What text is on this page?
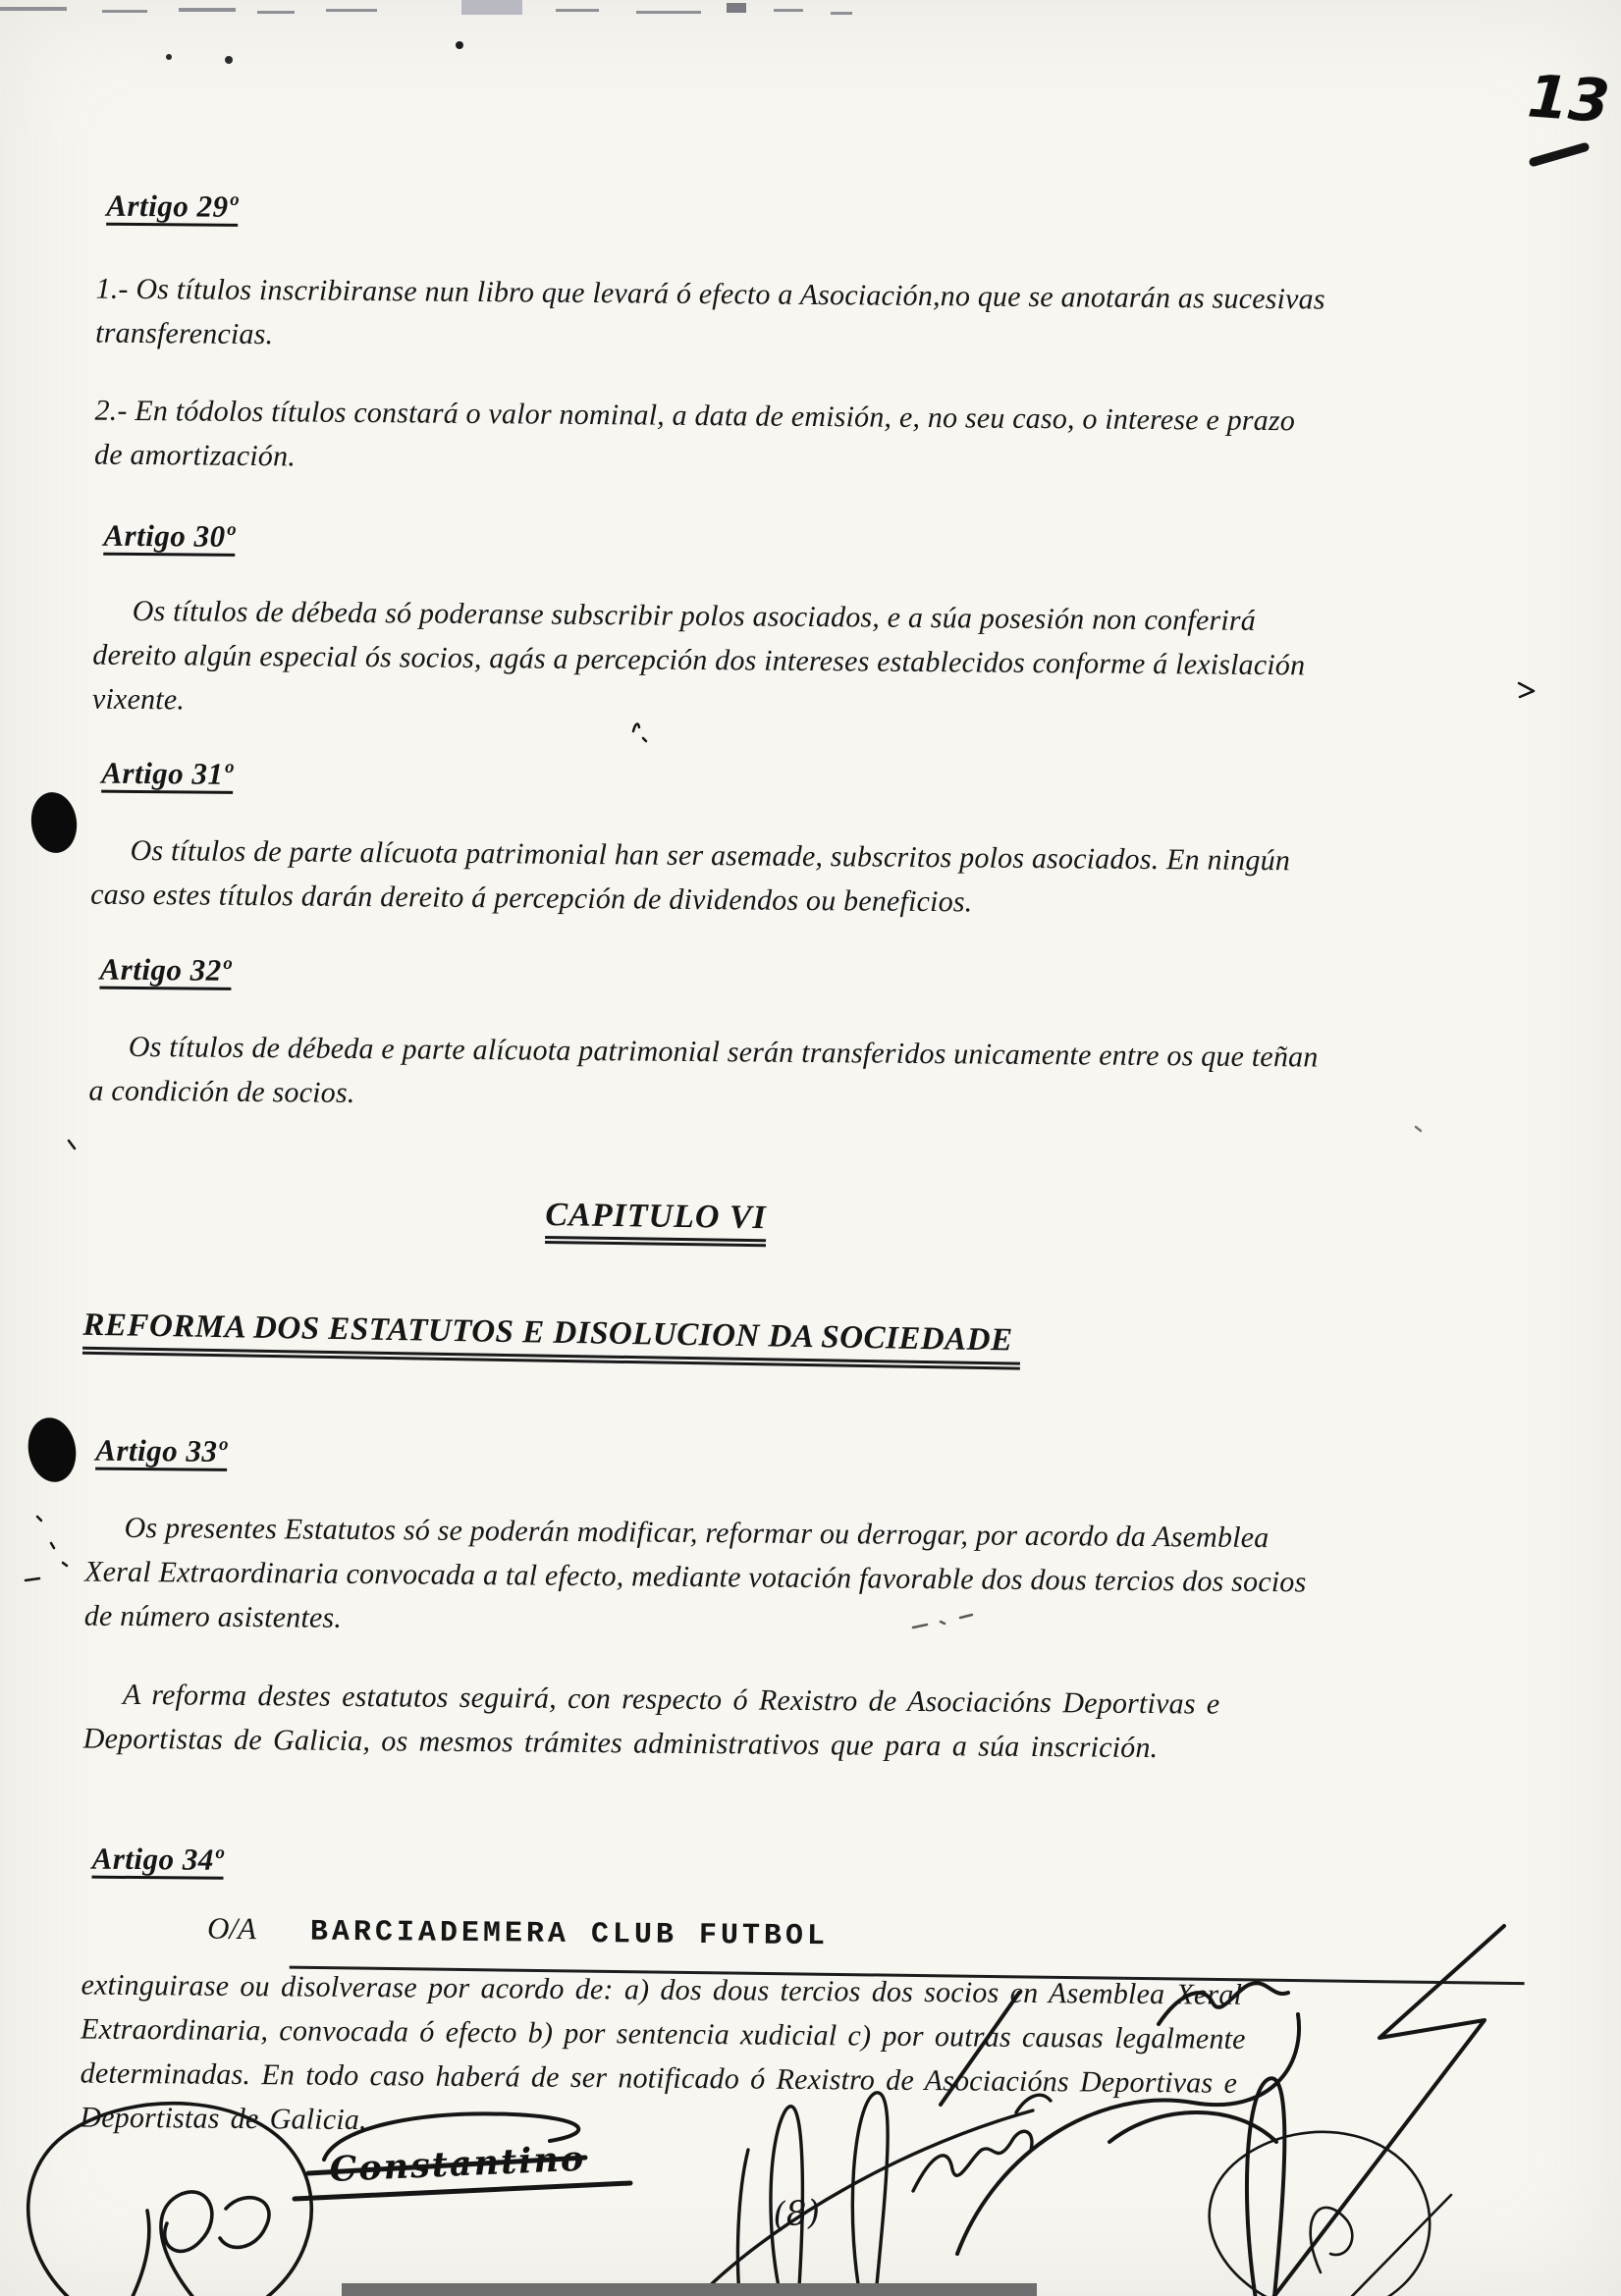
Artigo 29º

1.- Os títulos inscribiranse nun libro que levará ó efecto a Asociación,no que se anotarán as sucesivas
transferencias.

2.- En tódolos títulos constará o valor nominal, a data de emisión, e, no seu caso, o interese e prazo
de amortización.

Artigo 30º

Os títulos de débeda só poderanse subscribir polos asociados, e a súa posesión non conferirá
dereito algún especial ós socios, agás a percepción dos intereses establecidos conforme á lexislación
vixente.

Artigo 31º

Os títulos de parte alícuota patrimonial han ser asemade, subscritos polos asociados. En ningún
caso estes títulos darán dereito á percepción de dividendos ou beneficios.

Artigo 32º

Os títulos de débeda e parte alícuota patrimonial serán transferidos unicamente entre os que teñan
a condición de socios.

CAPITULO VI
REFORMA DOS ESTATUTOS E DISOLUCION DA SOCIEDADE
Artigo 33º

Os presentes Estatutos só se poderán modificar, reformar ou derrogar, por acordo da Asemblea
Xeral Extraordinaria convocada a tal efecto, mediante votación favorable dos dous tercios dos socios
de número asistentes.

A reforma destes estatutos seguirá, con respecto ó Rexistro de Asociacións Deportivas e
Deportistas de Galicia, os mesmos trámites administrativos que para a súa inscrición.

Artigo 34º
O/A BARCIADEMERA CLUB FUTBOL

extinguirase ou disolverase por acordo de: a) dos dous tercios dos socios en Asemblea Xeral
Extraordinaria, convocada ó efecto b) por sentencia xudicial c) por outras causas legalmente
determinadas. En todo caso haberá de ser notificado ó Rexistro de Asociacións Deportivas e
Deportistas de Galicia.

13
Constantino
(8)
